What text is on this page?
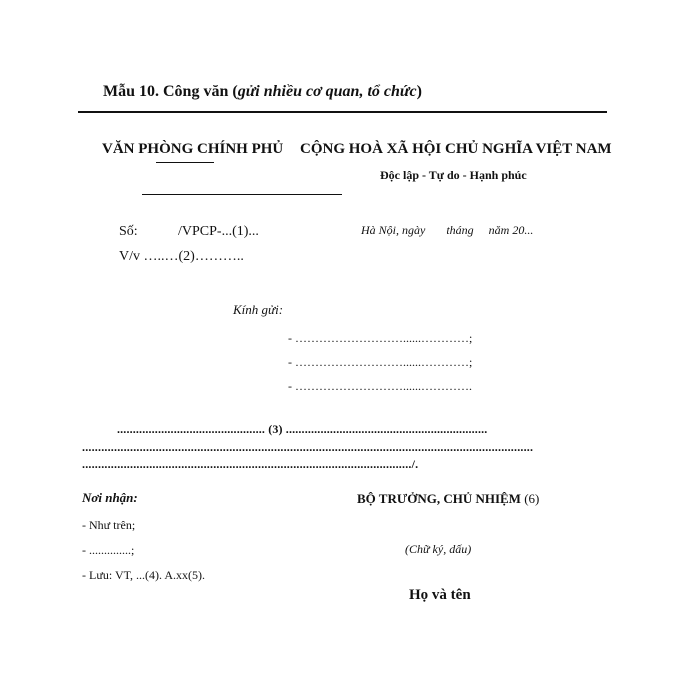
Mẫu 10. Công văn (gửi nhiều cơ quan, tổ chức)
VĂN PHÒNG CHÍNH PHỦ CỘNG HOÀ XÃ HỘI CHỦ NGHĨA VIỆT NAM
Độc lập - Tự do - Hạnh phúc
Số:	/VPCP-...(1)...	Hà Nội, ngày       tháng     năm 20...
V/v …..…(2)………..
Kính gửi:
- ………………………......…………;
- ………………………......…………;
- ………………………......………….
............................................... (3) ................................................................
.............................................................................................................................................
......................................................................................................./.
Nơi nhận:
- Như trên;
- ..............;
- Lưu: VT, ...(4). A.xx(5).
BỘ TRƯỞNG, CHỦ NHIỆM (6)
(Chữ ký, dấu)
Họ và tên
